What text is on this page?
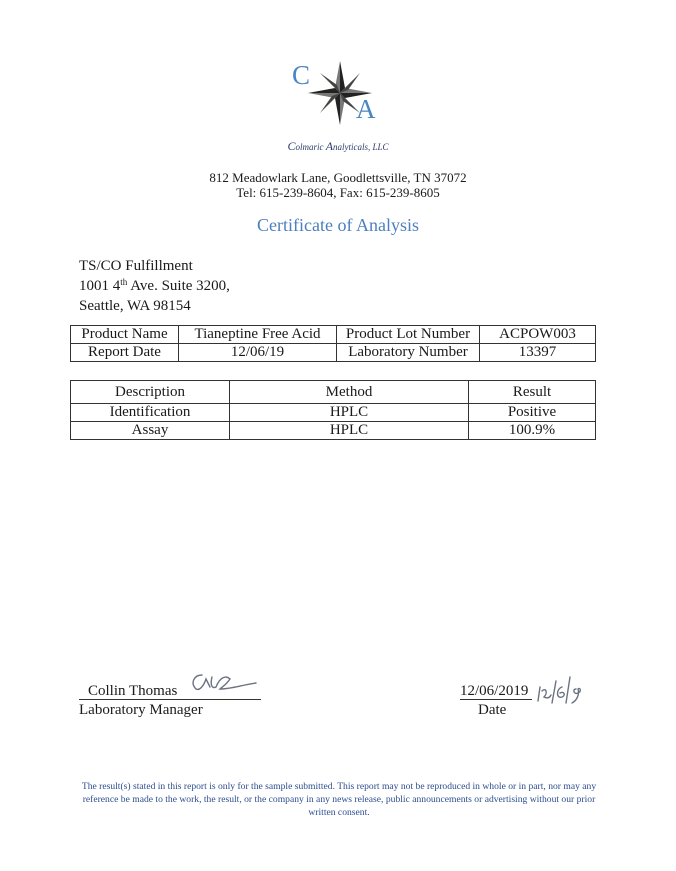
C
A
Colmaric Analyticals, LLC
812 Meadowlark Lane, Goodlettsville, TN 37072
Tel: 615-239-8604, Fax: 615-239-8605
Certificate of Analysis
TS/CO Fulfillment
1001 4th Ave. Suite 3200,
Seattle, WA 98154
Product Name	Tianeptine Free Acid	Product Lot Number	ACPOW003
Report Date	12/06/19	Laboratory Number	13397
Description	Method	Result
Identification	HPLC	Positive
Assay	HPLC	100.9%
Collin Thomas
Laboratory Manager
12/06/2019
Date
The result(s) stated in this report is only for the sample submitted. This report may not be reproduced in whole or in part, nor may any reference be made to the work, the result, or the company in any news release, public announcements or advertising without our prior written consent.
